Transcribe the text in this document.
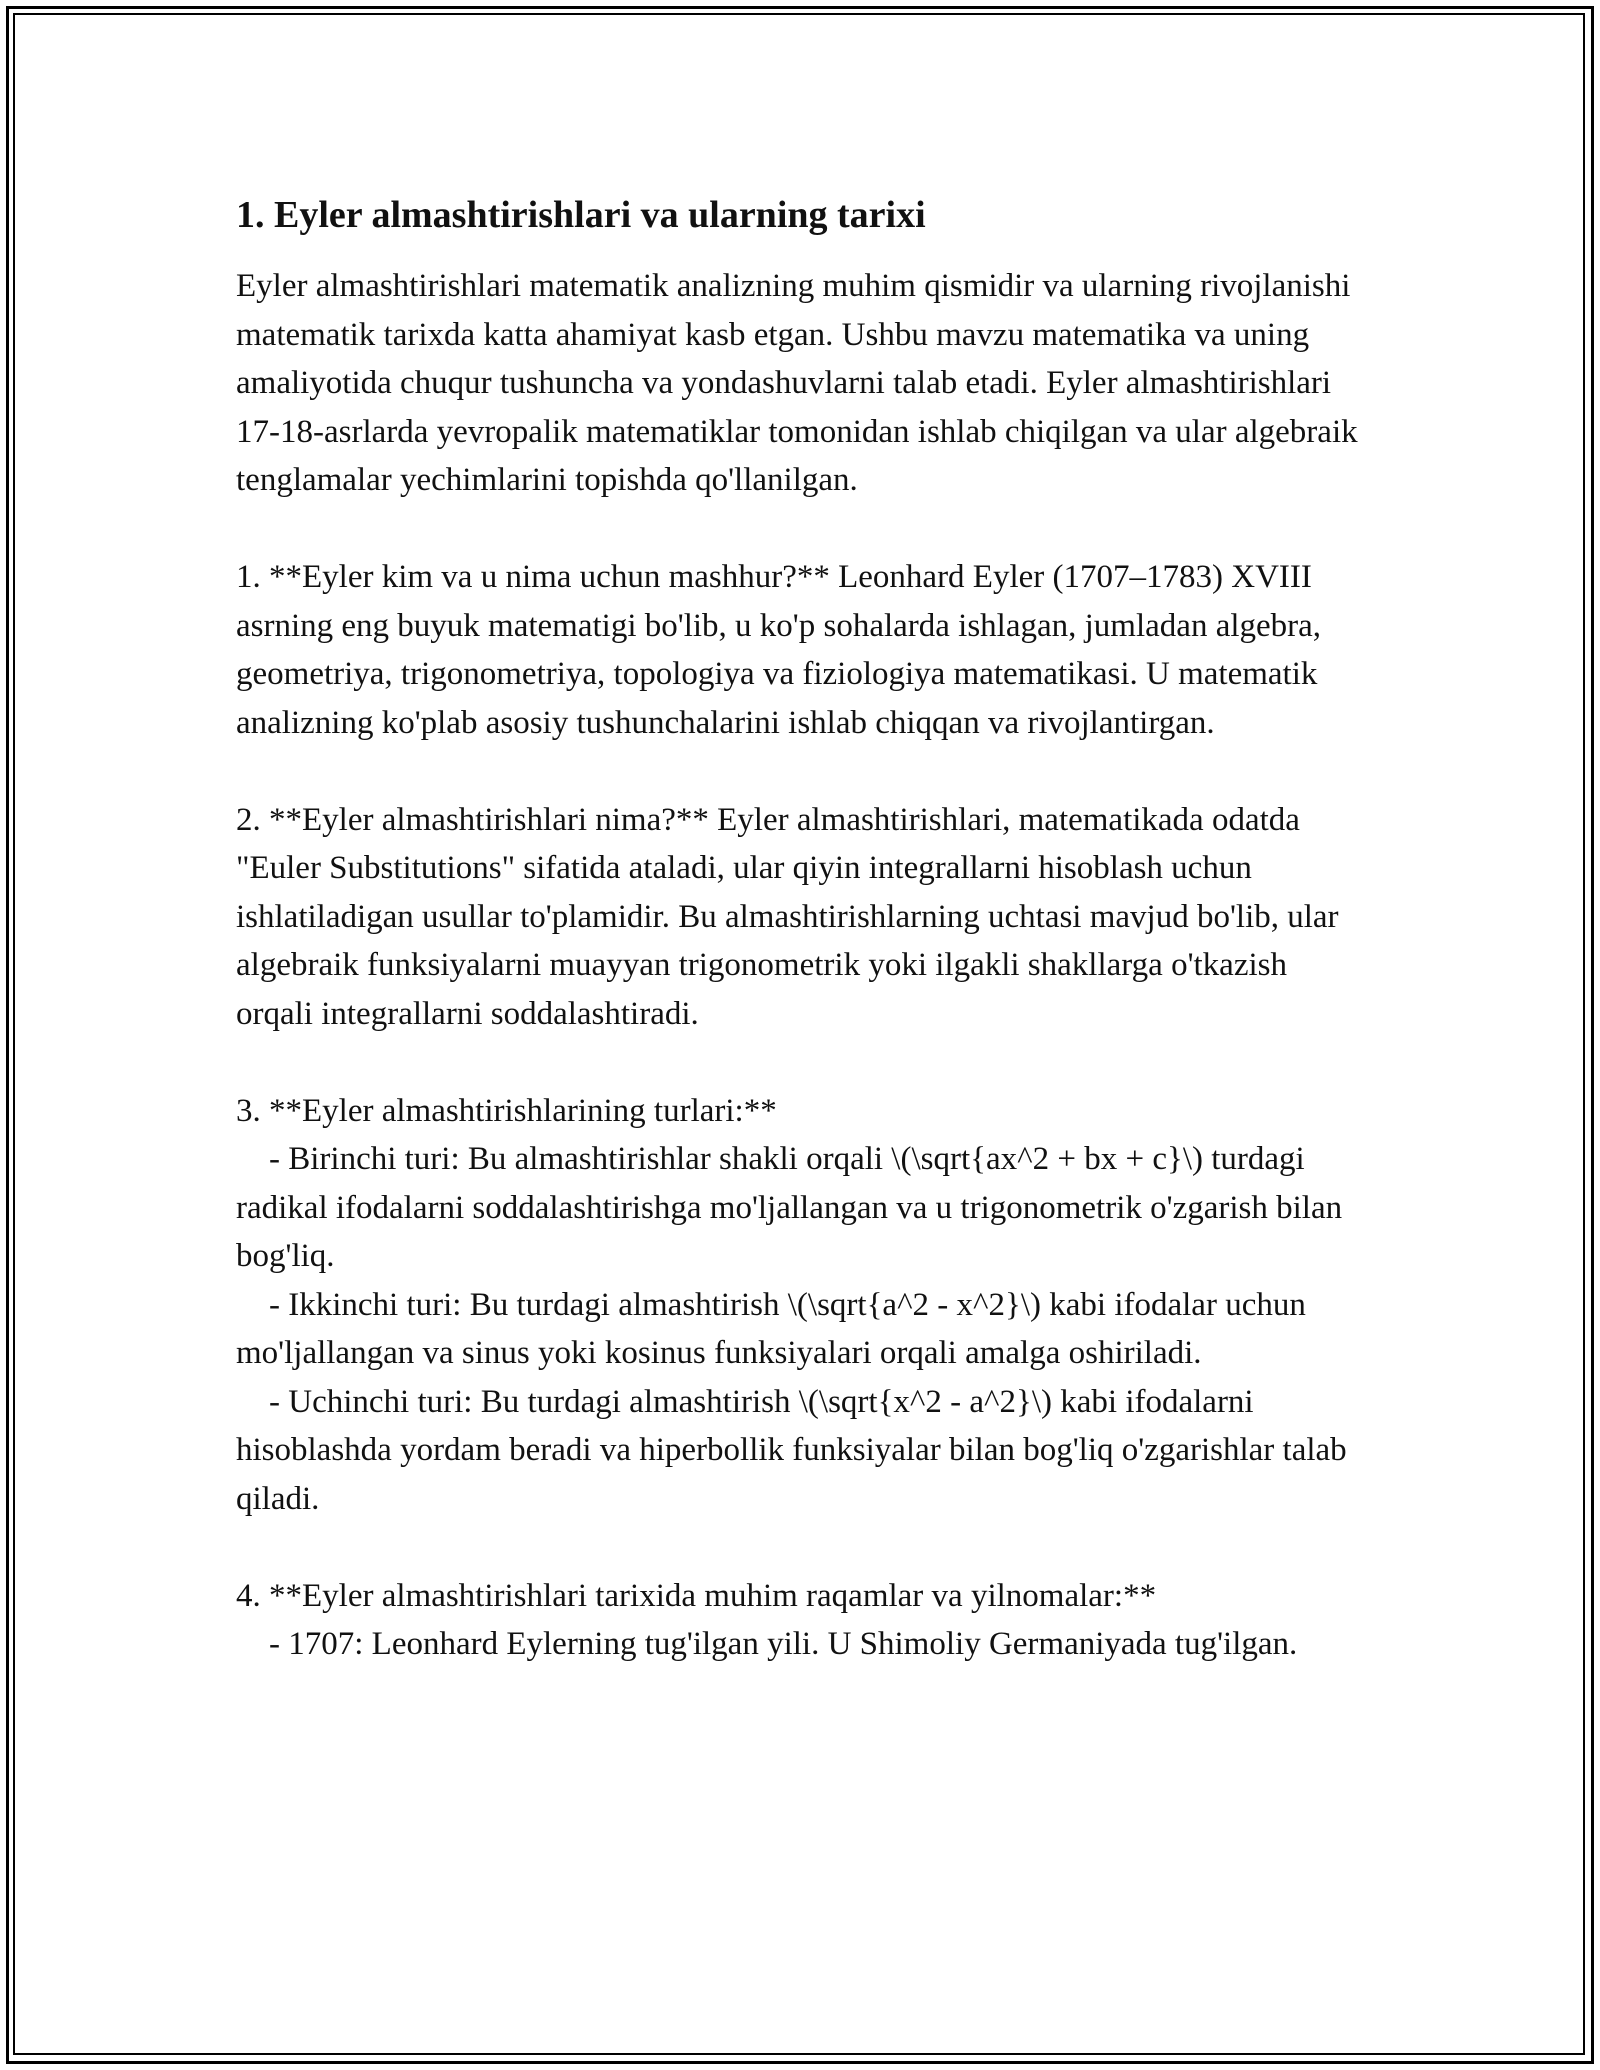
1. Eyler almashtirishlari va ularning tarixi

Eyler almashtirishlari matematik analizning muhim qismidir va ularning rivojlanishi matematik tarixda katta ahamiyat kasb etgan. Ushbu mavzu matematika va uning amaliyotida chuqur tushuncha va yondashuvlarni talab etadi. Eyler almashtirishlari 17-18-asrlarda yevropalik matematiklar tomonidan ishlab chiqilgan va ular algebraik tenglamalar yechimlarini topishda qo'llanilgan.

1. **Eyler kim va u nima uchun mashhur?** Leonhard Eyler (1707–1783) XVIII asrning eng buyuk matematigi bo'lib, u ko'p sohalarda ishlagan, jumladan algebra, geometriya, trigonometriya, topologiya va fiziologiya matematikasi. U matematik analizning ko'plab asosiy tushunchalarini ishlab chiqqan va rivojlantirgan.

2. **Eyler almashtirishlari nima?** Eyler almashtirishlari, matematikada odatda "Euler Substitutions" sifatida ataladi, ular qiyin integrallarni hisoblash uchun ishlatiladigan usullar to'plamidir. Bu almashtirishlarning uchtasi mavjud bo'lib, ular algebraik funksiyalarni muayyan trigonometrik yoki ilgakli shakllarga o'tkazish orqali integrallarni soddalashtiradi.

3. **Eyler almashtirishlarining turlari:**

- Birinchi turi: Bu almashtirishlar shakli orqali \(\sqrt{ax^2 + bx + c}\) turdagi radikal ifodalarni soddalashtirishga mo'ljallangan va u trigonometrik o'zgarish bilan bog'liq.

- Ikkinchi turi: Bu turdagi almashtirish \(\sqrt{a^2 - x^2}\) kabi ifodalar uchun mo'ljallangan va sinus yoki kosinus funksiyalari orqali amalga oshiriladi.

- Uchinchi turi: Bu turdagi almashtirish \(\sqrt{x^2 - a^2}\) kabi ifodalarni hisoblashda yordam beradi va hiperbollik funksiyalar bilan bog'liq o'zgarishlar talab qiladi.

4. **Eyler almashtirishlari tarixida muhim raqamlar va yilnomalar:**

- 1707: Leonhard Eylerning tug'ilgan yili. U Shimoliy Germaniyada tug'ilgan.
